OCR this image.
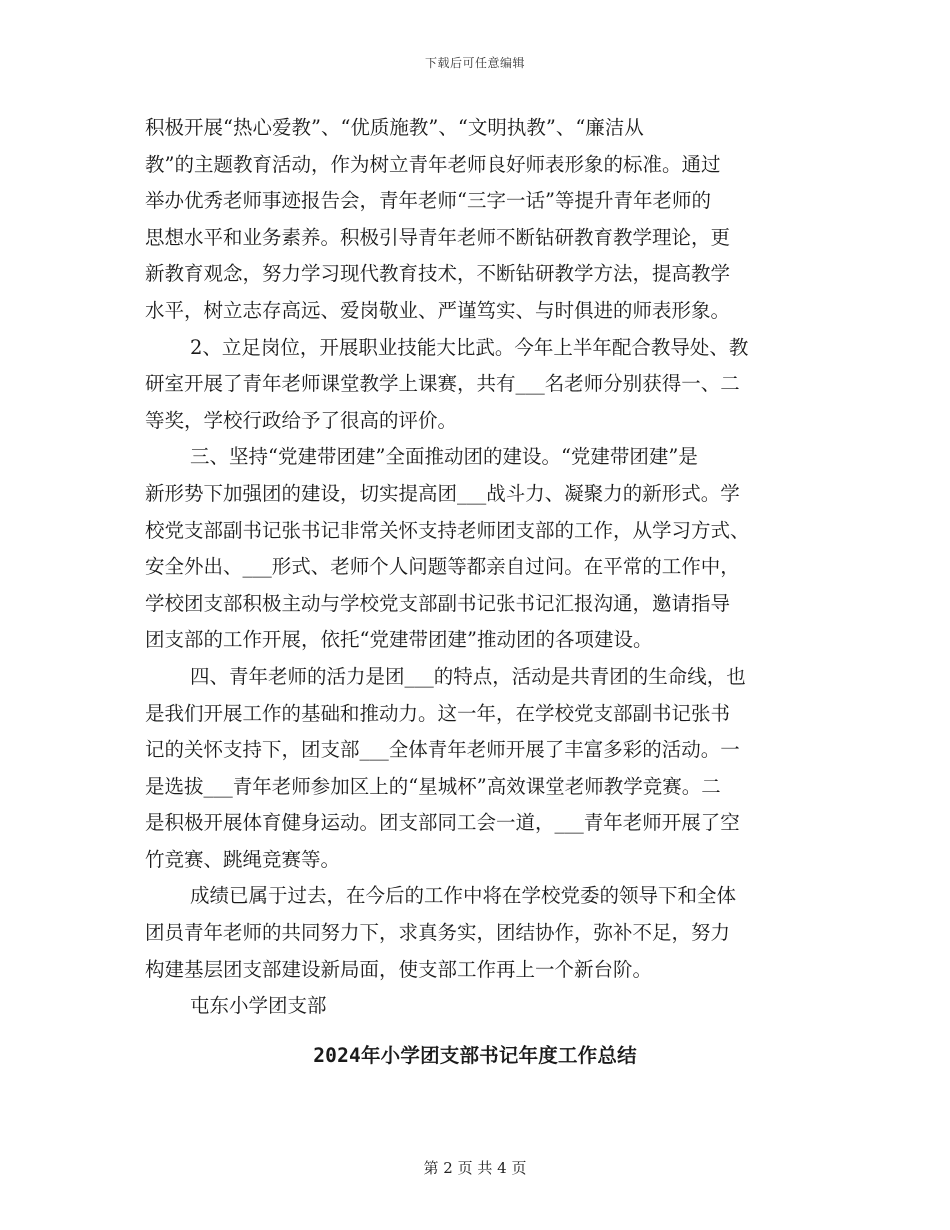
下载后可任意编辑

积极开展“热心爱教”、“优质施教”、“文明执教”、“廉洁从
教”的主题教育活动，作为树立青年老师良好师表形象的标准。通过
举办优秀老师事迹报告会，青年老师“三字一话”等提升青年老师的
思想水平和业务素养。积极引导青年老师不断钻研教育教学理论，更
新教育观念，努力学习现代教育技术，不断钻研教学方法，提高教学
水平，树立志存高远、爱岗敬业、严谨笃实、与时俱进的师表形象。

2、立足岗位，开展职业技能大比武。今年上半年配合教导处、教
研室开展了青年老师课堂教学上课赛，共有___名老师分别获得一、二
等奖，学校行政给予了很高的评价。

三、坚持“党建带团建”全面推动团的建设。“党建带团建”是
新形势下加强团的建设，切实提高团___战斗力、凝聚力的新形式。学
校党支部副书记张书记非常关怀支持老师团支部的工作，从学习方式、
安全外出、___形式、老师个人问题等都亲自过问。在平常的工作中，
学校团支部积极主动与学校党支部副书记张书记汇报沟通，邀请指导
团支部的工作开展，依托“党建带团建”推动团的各项建设。

四、青年老师的活力是团___的特点，活动是共青团的生命线，也
是我们开展工作的基础和推动力。这一年，在学校党支部副书记张书
记的关怀支持下，团支部___全体青年老师开展了丰富多彩的活动。一
是选拔___青年老师参加区上的“星城杯”高效课堂老师教学竞赛。二
是积极开展体育健身运动。团支部同工会一道，___青年老师开展了空
竹竞赛、跳绳竞赛等。

成绩已属于过去，在今后的工作中将在学校党委的领导下和全体
团员青年老师的共同努力下，求真务实，团结协作，弥补不足，努力
构建基层团支部建设新局面，使支部工作再上一个新台阶。

屯东小学团支部

2024年小学团支部书记年度工作总结
第 2 页 共 4 页
